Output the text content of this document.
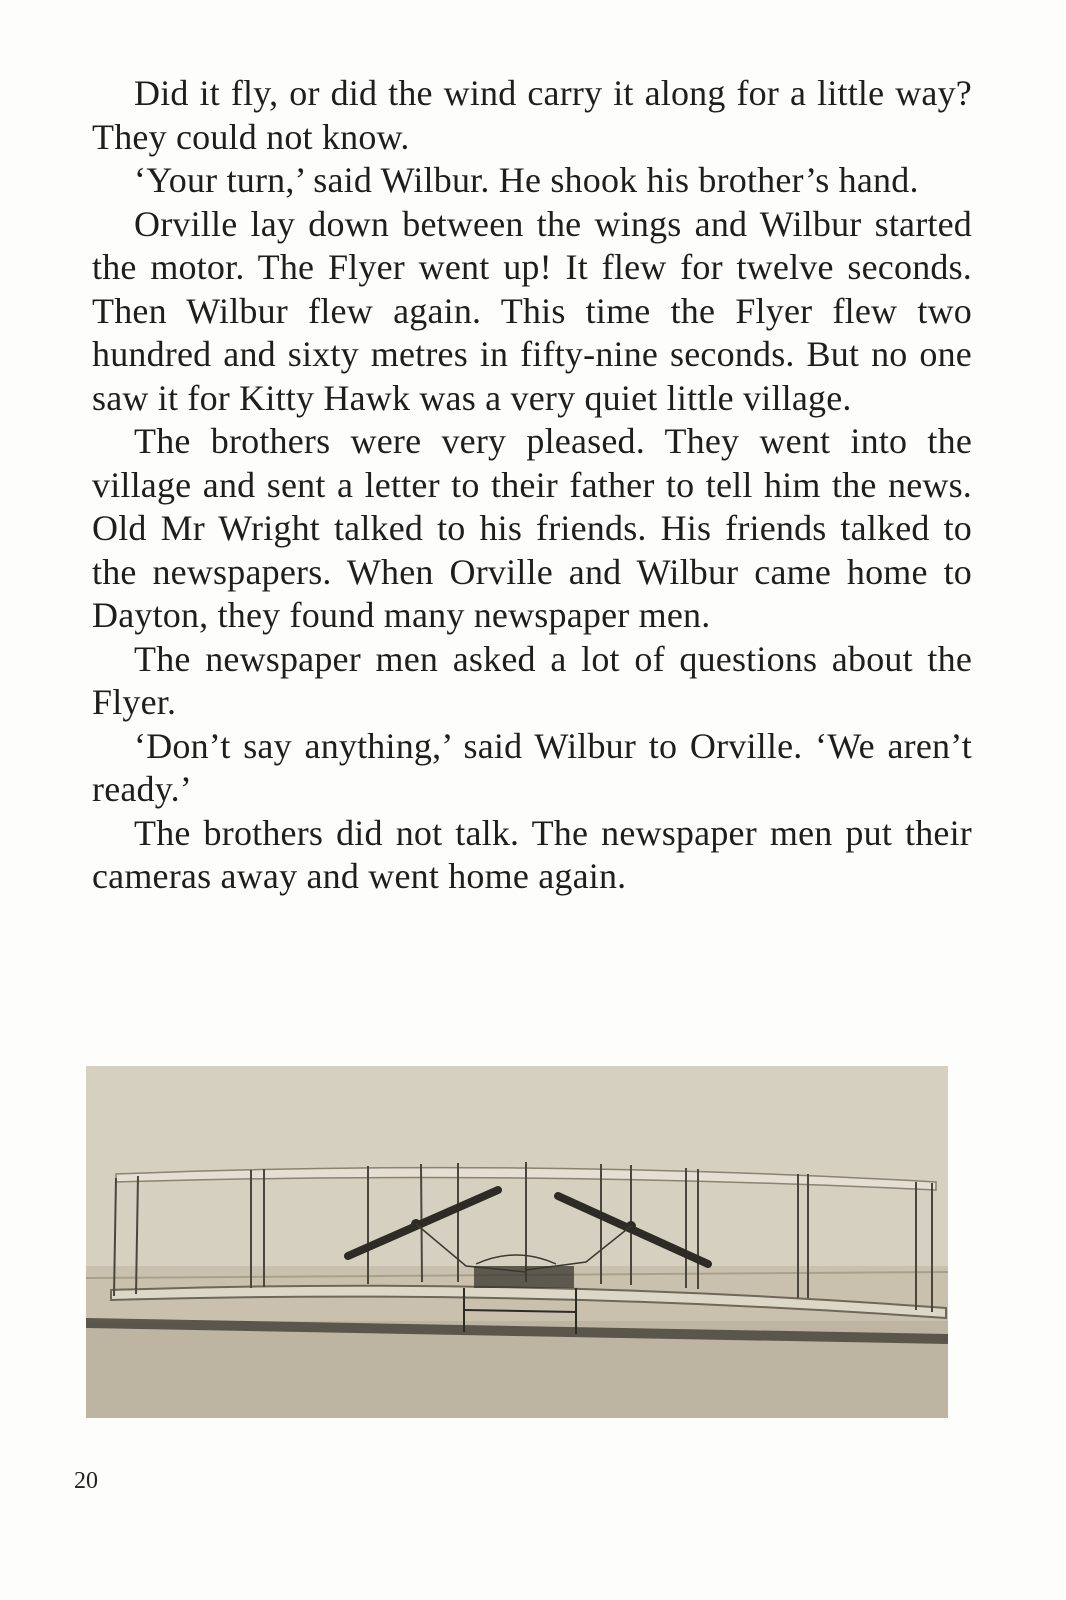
Did it fly, or did the wind carry it along for a little way? They could not know.

‘Your turn,’ said Wilbur. He shook his brother’s hand.

Orville lay down between the wings and Wilbur started the motor. The Flyer went up! It flew for twelve seconds. Then Wilbur flew again. This time the Flyer flew two hundred and sixty metres in fifty-nine seconds. But no one saw it for Kitty Hawk was a very quiet little village.

The brothers were very pleased. They went into the village and sent a letter to their father to tell him the news. Old Mr Wright talked to his friends. His friends talked to the newspapers. When Orville and Wilbur came home to Dayton, they found many newspaper men.

The newspaper men asked a lot of questions about the Flyer.

‘Don’t say anything,’ said Wilbur to Orville. ‘We aren’t ready.’

The brothers did not talk. The newspaper men put their cameras away and went home again.

20
